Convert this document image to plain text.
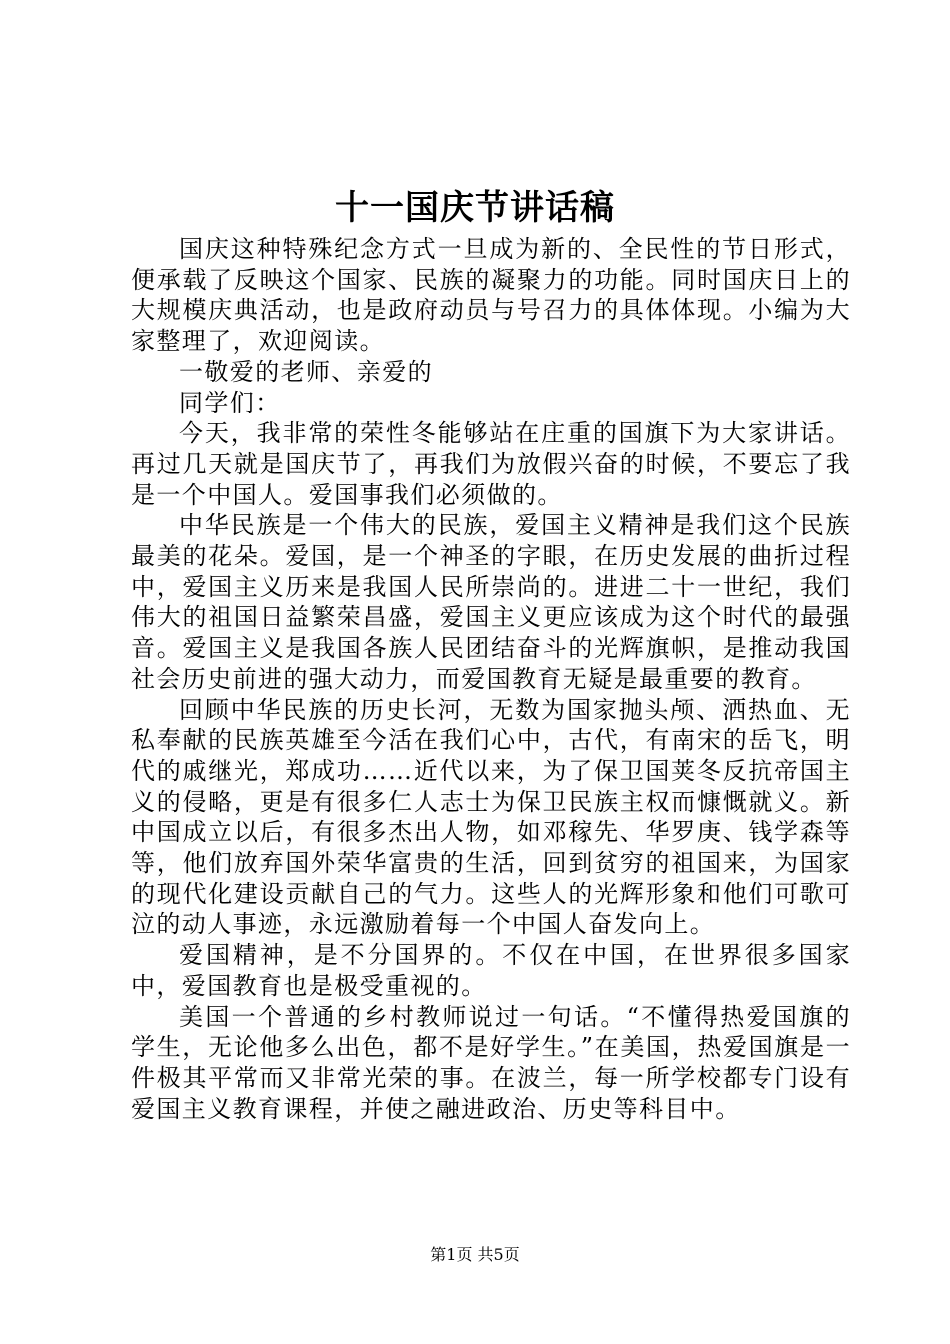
十一国庆节讲话稿

国庆这种特殊纪念方式一旦成为新的、全民性的节日形式，便承载了反映这个国家、民族的凝聚力的功能。同时国庆日上的大规模庆典活动，也是政府动员与号召力的具体体现。小编为大家整理了，欢迎阅读。

一敬爱的老师、亲爱的

同学们：

今天，我非常的荣性冬能够站在庄重的国旗下为大家讲话。再过几天就是国庆节了，再我们为放假兴奋的时候，不要忘了我是一个中国人。爱国事我们必须做的。

中华民族是一个伟大的民族，爱国主义精神是我们这个民族最美的花朵。爱国，是一个神圣的字眼，在历史发展的曲折过程中，爱国主义历来是我国人民所崇尚的。进进二十一世纪，我们伟大的祖国日益繁荣昌盛，爱国主义更应该成为这个时代的最强音。爱国主义是我国各族人民团结奋斗的光辉旗帜，是推动我国社会历史前进的强大动力，而爱国教育无疑是最重要的教育。

回顾中华民族的历史长河，无数为国家抛头颅、洒热血、无私奉献的民族英雄至今活在我们心中，古代，有南宋的岳飞，明代的戚继光，郑成功……近代以来，为了保卫国荚冬反抗帝国主义的侵略，更是有很多仁人志士为保卫民族主权而慷慨就义。新中国成立以后，有很多杰出人物，如邓稼先、华罗庚、钱学森等等，他们放弃国外荣华富贵的生活，回到贫穷的祖国来，为国家的现代化建设贡献自己的气力。这些人的光辉形象和他们可歌可泣的动人事迹，永远激励着每一个中国人奋发向上。

爱国精神，是不分国界的。不仅在中国，在世界很多国家中，爱国教育也是极受重视的。

美国一个普通的乡村教师说过一句话。“不懂得热爱国旗的学生，无论他多么出色，都不是好学生。”在美国，热爱国旗是一件极其平常而又非常光荣的事。在波兰，每一所学校都专门设有爱国主义教育课程，并使之融进政治、历史等科目中。

第1页 共5页
